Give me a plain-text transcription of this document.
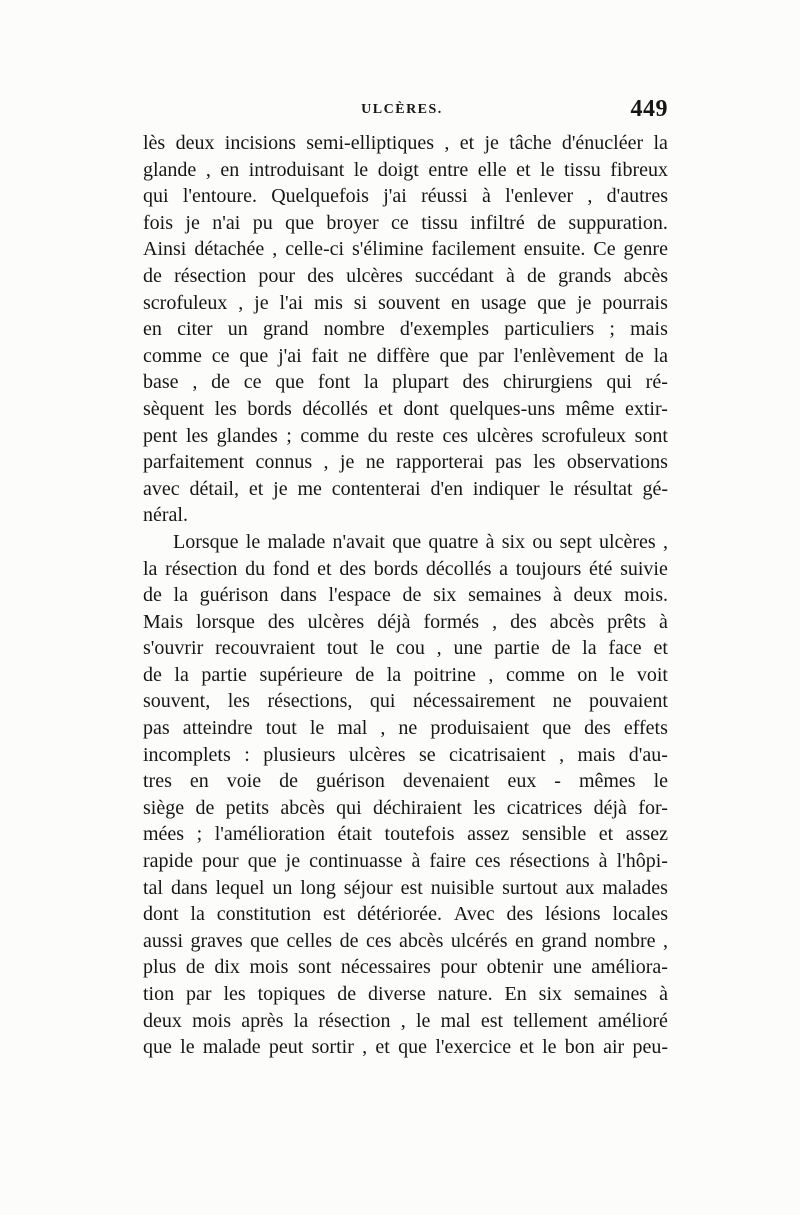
ULCÈRES.	449
lès deux incisions semi-elliptiques , et je tâche d'énucléer la
glande , en introduisant le doigt entre elle et le tissu fibreux
qui l'entoure. Quelquefois j'ai réussi à l'enlever , d'autres
fois je n'ai pu que broyer ce tissu infiltré de suppuration.
Ainsi détachée , celle-ci s'élimine facilement ensuite. Ce genre
de résection pour des ulcères succédant à de grands abcès
scrofuleux , je l'ai mis si souvent en usage que je pourrais
en citer un grand nombre d'exemples particuliers ; mais
comme ce que j'ai fait ne diffère que par l'enlèvement de la
base , de ce que font la plupart des chirurgiens qui ré-
sèquent les bords décollés et dont quelques-uns même extir-
pent les glandes ; comme du reste ces ulcères scrofuleux sont
parfaitement connus , je ne rapporterai pas les observations
avec détail, et je me contenterai d'en indiquer le résultat gé-
néral.
Lorsque le malade n'avait que quatre à six ou sept ulcères ,
la résection du fond et des bords décollés a toujours été suivie
de la guérison dans l'espace de six semaines à deux mois.
Mais lorsque des ulcères déjà formés , des abcès prêts à
s'ouvrir recouvraient tout le cou , une partie de la face et
de la partie supérieure de la poitrine , comme on le voit
souvent, les résections, qui nécessairement ne pouvaient
pas atteindre tout le mal , ne produisaient que des effets
incomplets : plusieurs ulcères se cicatrisaient , mais d'au-
tres en voie de guérison devenaient eux - mêmes le
siège de petits abcès qui déchiraient les cicatrices déjà for-
mées ; l'amélioration était toutefois assez sensible et assez
rapide pour que je continuasse à faire ces résections à l'hôpi-
tal dans lequel un long séjour est nuisible surtout aux malades
dont la constitution est détériorée. Avec des lésions locales
aussi graves que celles de ces abcès ulcérés en grand nombre ,
plus de dix mois sont nécessaires pour obtenir une améliora-
tion par les topiques de diverse nature. En six semaines à
deux mois après la résection , le mal est tellement amélioré
que le malade peut sortir , et que l'exercice et le bon air peu-
